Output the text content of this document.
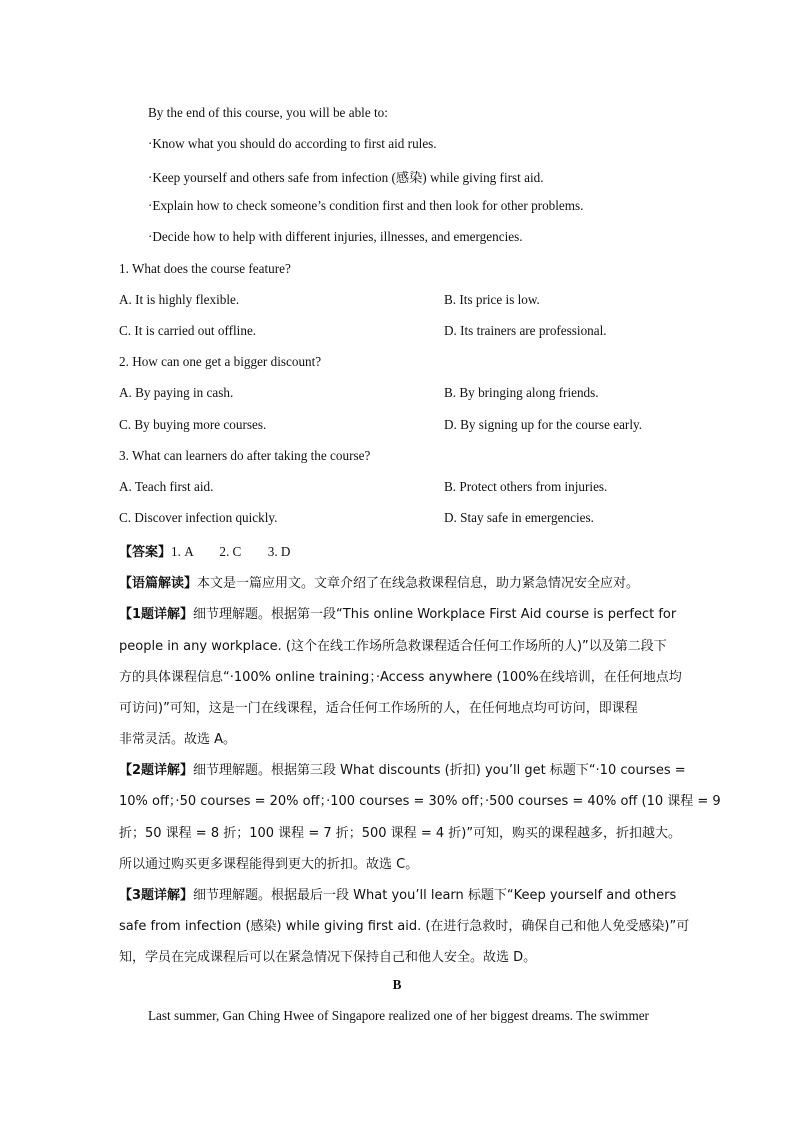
By the end of this course, you will be able to:
·Know what you should do according to first aid rules.
·Keep yourself and others safe from infection (感染) while giving first aid.
·Explain how to check someone’s condition first and then look for other problems.
·Decide how to help with different injuries, illnesses, and emergencies.
1. What does the course feature?
A. It is highly flexible.	B. Its price is low.
C. It is carried out offline.	D. Its trainers are professional.
2. How can one get a bigger discount?
A. By paying in cash.	B. By bringing along friends.
C. By buying more courses.	D. By signing up for the course early.
3. What can learners do after taking the course?
A. Teach first aid.	B. Protect others from injuries.
C. Discover infection quickly.	D. Stay safe in emergencies.
【答案】1. A　　2. C　　3. D
【语篇解读】本文是一篇应用文。文章介绍了在线急救课程信息，助力紧急情况安全应对。
【1题详解】细节理解题。根据第一段“This online Workplace First Aid course is perfect for
people in any workplace. (这个在线工作场所急救课程适合任何工作场所的人)”以及第二段下
方的具体课程信息“·100% online training；·Access anywhere (100%在线培训，在任何地点均
可访问)”可知，这是一门在线课程，适合任何工作场所的人，在任何地点均可访问，即课程
非常灵活。故选 A。
【2题详解】细节理解题。根据第三段 What discounts (折扣) you’ll get 标题下“·10 courses =
10% off；·50 courses = 20% off；·100 courses = 30% off；·500 courses = 40% off (10 课程 = 9
折；50 课程 = 8 折；100 课程 = 7 折；500 课程 = 4 折)”可知，购买的课程越多，折扣越大。
所以通过购买更多课程能得到更大的折扣。故选 C。
【3题详解】细节理解题。根据最后一段 What you’ll learn 标题下“Keep yourself and others
safe from infection (感染) while giving first aid. (在进行急救时，确保自己和他人免受感染)”可
知，学员在完成课程后可以在紧急情况下保持自己和他人安全。故选 D。
B
Last summer, Gan Ching Hwee of Singapore realized one of her biggest dreams. The swimmer
